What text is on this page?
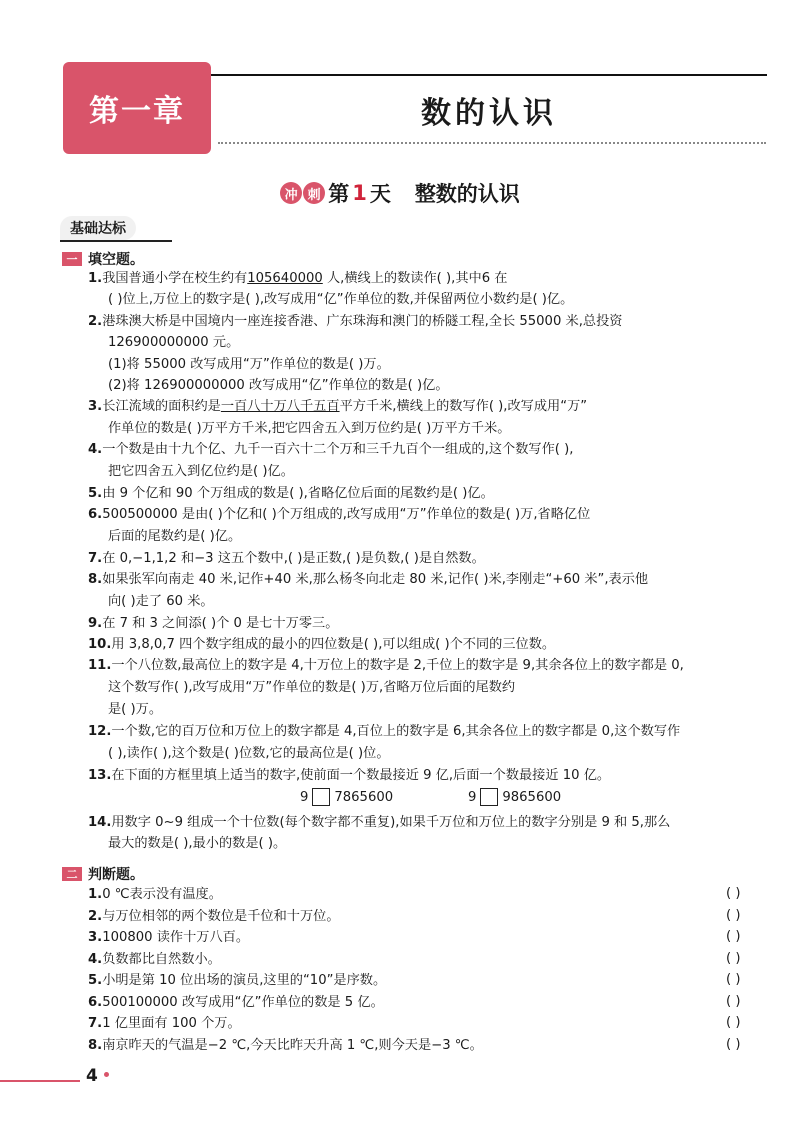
第一章	数的认识
冲 刺 第 1 天 整数的认识
基础达标
一 填空题。
1.我国普通小学在校生约有105640000 人,横线上的数读作( ),其中6 在
( )位上,万位上的数字是( ),改写成用“亿”作单位的数,并保留两位小数约是( )亿。
2.港珠澳大桥是中国境内一座连接香港、广东珠海和澳门的桥隧工程,全长 55000 米,总投资
126900000000 元。
(1)将 55000 改写成用“万”作单位的数是( )万。
(2)将 126900000000 改写成用“亿”作单位的数是( )亿。
3.长江流域的面积约是一百八十万八千五百平方千米,横线上的数写作( ),改写成用“万”
作单位的数是( )万平方千米,把它四舍五入到万位约是( )万平方千米。
4.一个数是由十九个亿、九千一百六十二个万和三千九百个一组成的,这个数写作( ),
把它四舍五入到亿位约是( )亿。
5.由 9 个亿和 90 个万组成的数是( ),省略亿位后面的尾数约是( )亿。
6.500500000 是由( )个亿和( )个万组成的,改写成用“万”作单位的数是( )万,省略亿位
后面的尾数约是( )亿。
7.在 0,−1,1,2 和−3 这五个数中,( )是正数,( )是负数,( )是自然数。
8.如果张军向南走 40 米,记作+40 米,那么杨冬向北走 80 米,记作( )米,李刚走“+60 米”,表示他
向( )走了 60 米。
9.在 7 和 3 之间添( )个 0 是七十万零三。
10.用 3,8,0,7 四个数字组成的最小的四位数是( ),可以组成( )个不同的三位数。
11.一个八位数,最高位上的数字是 4,十万位上的数字是 2,千位上的数字是 9,其余各位上的数字都是 0,
这个数写作( ),改写成用“万”作单位的数是( )万,省略万位后面的尾数约
是( )万。
12.一个数,它的百万位和万位上的数字都是 4,百位上的数字是 6,其余各位上的数字都是 0,这个数写作
( ),读作( ),这个数是( )位数,它的最高位是( )位。
13.在下面的方框里填上适当的数字,使前面一个数最接近 9 亿,后面一个数最接近 10 亿。
9 7865600	9 9865600
14.用数字 0~9 组成一个十位数(每个数字都不重复),如果千万位和万位上的数字分别是 9 和 5,那么
最大的数是( ),最小的数是( )。
二 判断题。
1.0 ℃表示没有温度。	( )
2.与万位相邻的两个数位是千位和十万位。	( )
3.100800 读作十万八百。	( )
4.负数都比自然数小。	( )
5.小明是第 10 位出场的演员,这里的“10”是序数。	( )
6.500100000 改写成用“亿”作单位的数是 5 亿。	( )
7.1 亿里面有 100 个万。	( )
8.南京昨天的气温是−2 ℃,今天比昨天升高 1 ℃,则今天是−3 ℃。	( )
4
